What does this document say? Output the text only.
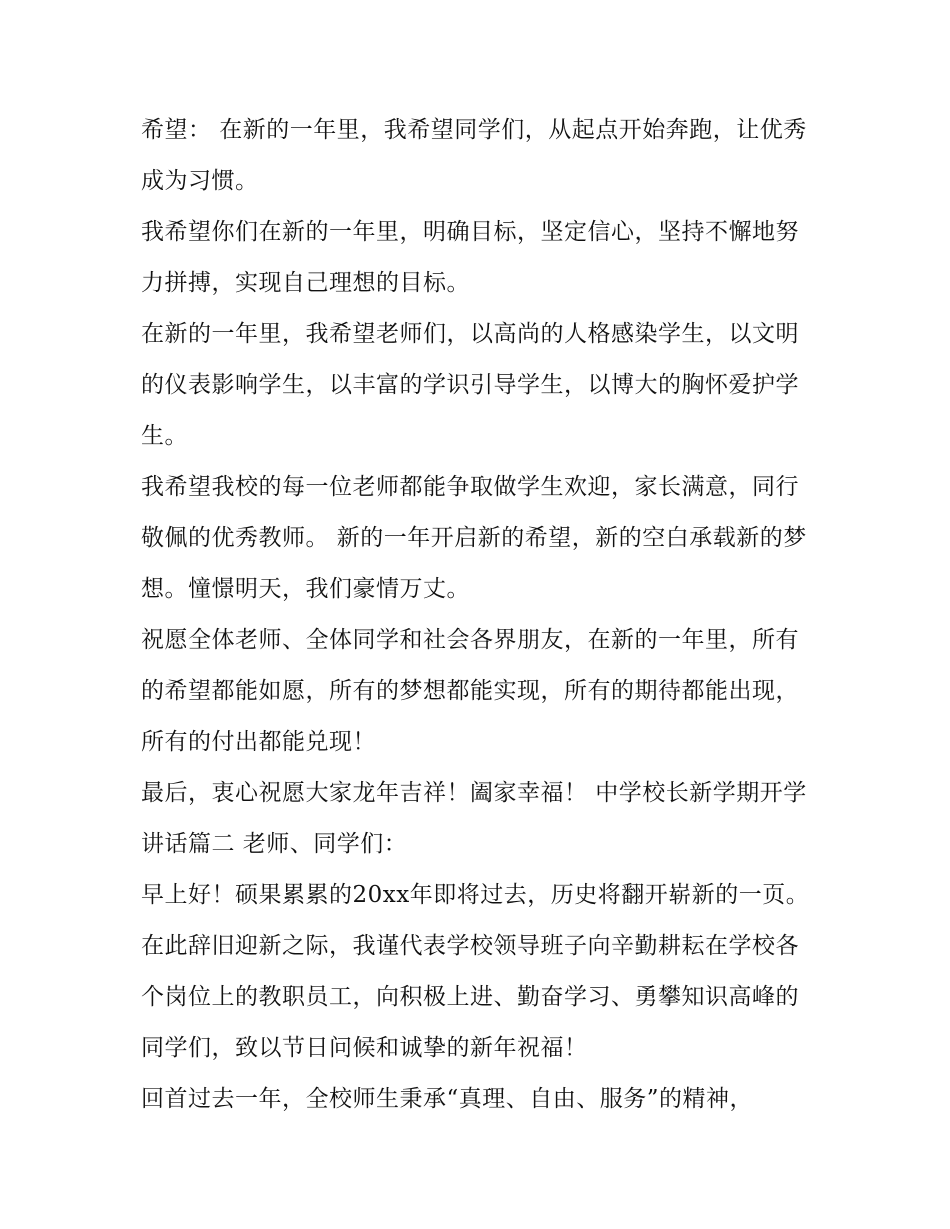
希望： 在新的一年里，我希望同学们，从起点开始奔跑，让优秀成为习惯。

我希望你们在新的一年里，明确目标，坚定信心，坚持不懈地努力拼搏，实现自己理想的目标。

在新的一年里，我希望老师们，以高尚的人格感染学生，以文明的仪表影响学生，以丰富的学识引导学生，以博大的胸怀爱护学生。

我希望我校的每一位老师都能争取做学生欢迎，家长满意，同行敬佩的优秀教师。 新的一年开启新的希望，新的空白承载新的梦想。憧憬明天，我们豪情万丈。

祝愿全体老师、全体同学和社会各界朋友，在新的一年里，所有的希望都能如愿，所有的梦想都能实现，所有的期待都能出现，所有的付出都能兑现！

最后，衷心祝愿大家龙年吉祥！阖家幸福！ 中学校长新学期开学讲话篇二 老师、同学们：

早上好！硕果累累的20xx年即将过去，历史将翻开崭新的一页。在此辞旧迎新之际，我谨代表学校领导班子向辛勤耕耘在学校各个岗位上的教职员工，向积极上进、勤奋学习、勇攀知识高峰的同学们，致以节日问候和诚挚的新年祝福！

回首过去一年，全校师生秉承“真理、自由、服务”的精神，
